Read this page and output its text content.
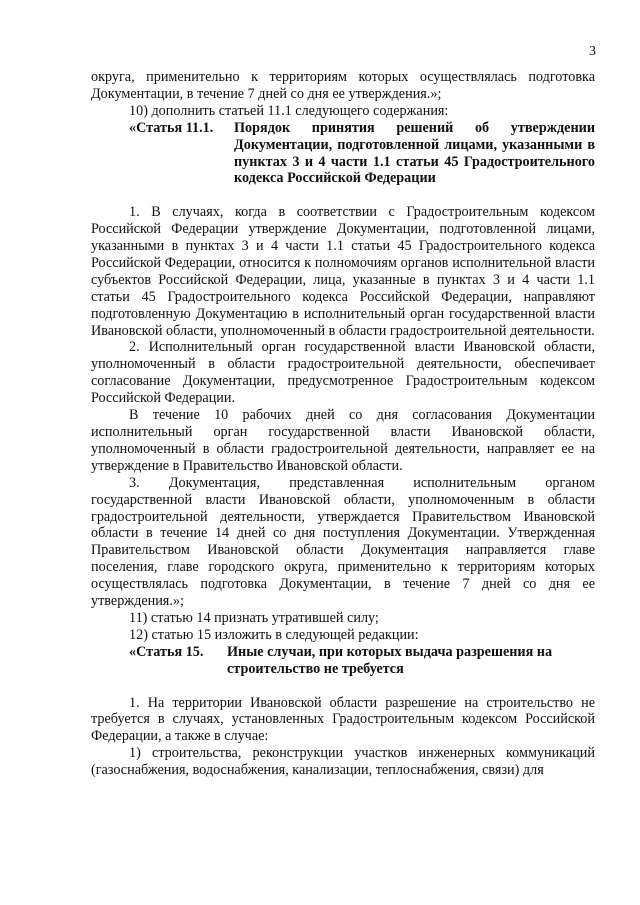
3

округа, применительно к территориям которых осуществлялась подготовка Документации, в течение 7 дней со дня ее утверждения.»;

10) дополнить статьей 11.1 следующего содержания:

«Статья 11.1.	Порядок принятия решений об утверждении Документации, подготовленной лицами, указанными в пунктах 3 и 4 части 1.1 статьи 45 Градостроительного кодекса Российской Федерации

1. В случаях, когда в соответствии с Градостроительным кодексом Российской Федерации утверждение Документации, подготовленной лицами, указанными в пунктах 3 и 4 части 1.1 статьи 45 Градостроительного кодекса Российской Федерации, относится к полномочиям органов исполнительной власти субъектов Российской Федерации, лица, указанные в пунктах 3 и 4 части 1.1 статьи 45 Градостроительного кодекса Российской Федерации, направляют подготовленную Документацию в исполнительный орган государственной власти Ивановской области, уполномоченный в области градостроительной деятельности.

2. Исполнительный орган государственной власти Ивановской области, уполномоченный в области градостроительной деятельности, обеспечивает согласование Документации, предусмотренное Градостроительным кодексом Российской Федерации.

В течение 10 рабочих дней со дня согласования Документации исполнительный орган государственной власти Ивановской области, уполномоченный в области градостроительной деятельности, направляет ее на утверждение в Правительство Ивановской области.

3. Документация, представленная исполнительным органом государственной власти Ивановской области, уполномоченным в области градостроительной деятельности, утверждается Правительством Ивановской области в течение 14 дней со дня поступления Документации. Утвержденная Правительством Ивановской области Документация направляется главе поселения, главе городского округа, применительно к территориям которых осуществлялась подготовка Документации, в течение 7 дней со дня ее утверждения.»;

11) статью 14 признать утратившей силу;

12) статью 15 изложить в следующей редакции:

«Статья 15.	Иные случаи, при которых выдача разрешения на строительство не требуется

1. На территории Ивановской области разрешение на строительство не требуется в случаях, установленных Градостроительным кодексом Российской Федерации, а также в случае:

1) строительства, реконструкции участков инженерных коммуникаций (газоснабжения, водоснабжения, канализации, теплоснабжения, связи) для
